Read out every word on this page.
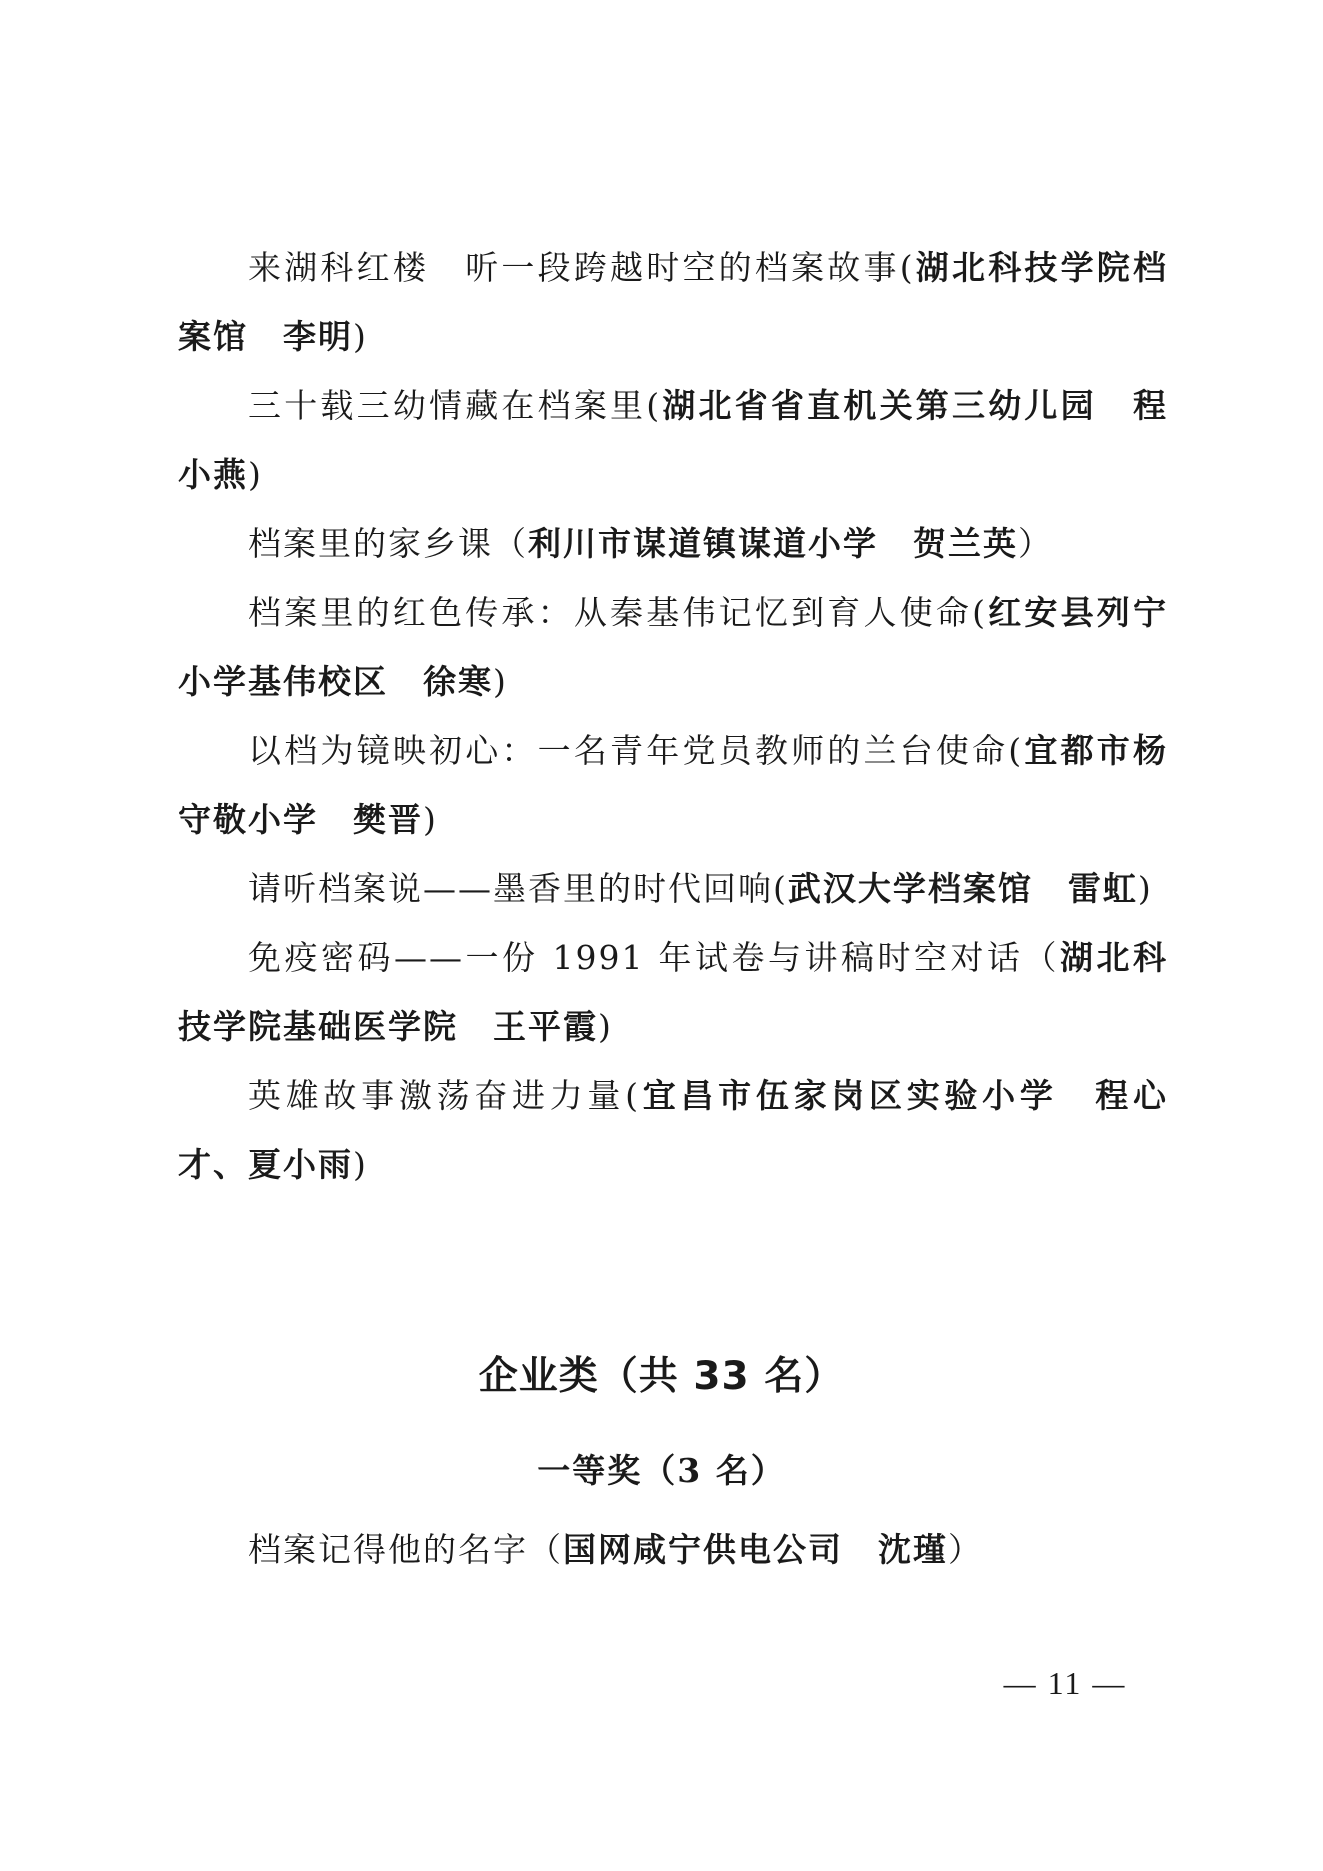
来湖科红楼　听一段跨越时空的档案故事(湖北科技学院档案馆　李明)

三十载三幼情藏在档案里(湖北省省直机关第三幼儿园　程小燕)

档案里的家乡课（利川市谋道镇谋道小学　贺兰英）

档案里的红色传承：从秦基伟记忆到育人使命(红安县列宁小学基伟校区　徐寒)

以档为镜映初心：一名青年党员教师的兰台使命(宜都市杨守敬小学　樊晋)

请听档案说——墨香里的时代回响(武汉大学档案馆　雷虹)

免疫密码——一份 1991 年试卷与讲稿时空对话（湖北科技学院基础医学院　王平霞)

英雄故事激荡奋进力量(宜昌市伍家岗区实验小学　程心才、夏小雨)

企业类（共 33 名）
一等奖（3 名）

档案记得他的名字（国网咸宁供电公司　沈瑾）

— 11 —
